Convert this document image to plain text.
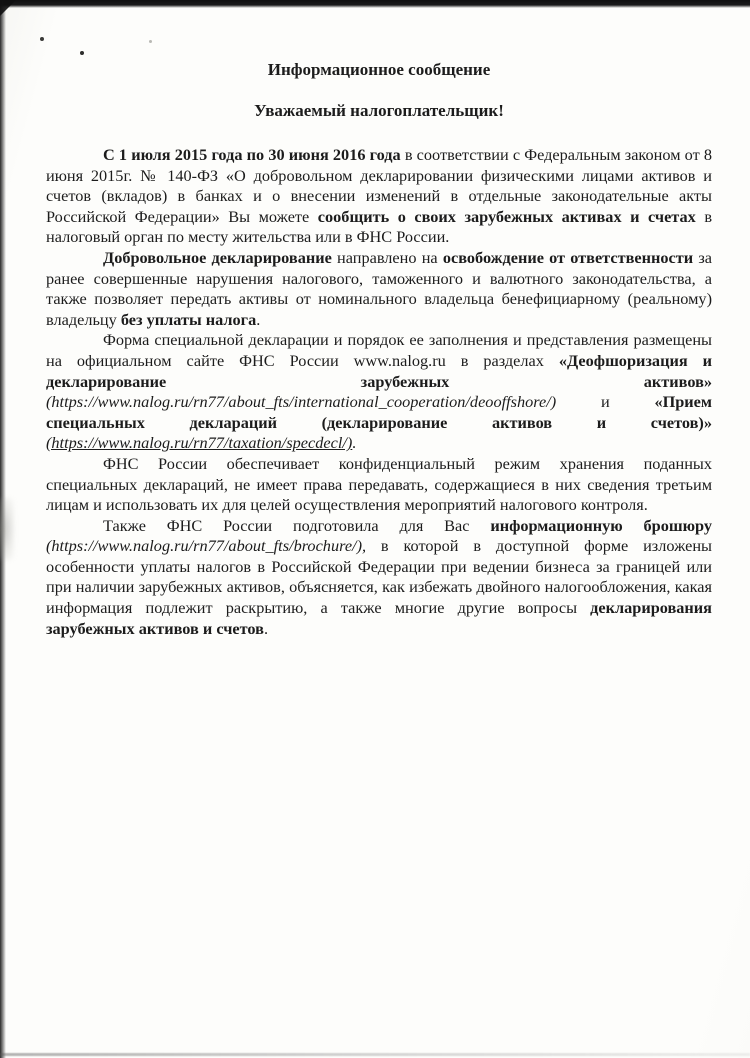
Информационное сообщение
Уважаемый налогоплательщик!

С 1 июля 2015 года по 30 июня 2016 года в соответствии с Федеральным законом от 8 июня 2015г. № 140-ФЗ «О добровольном декларировании физическими лицами активов и счетов (вкладов) в банках и о внесении изменений в отдельные законодательные акты Российской Федерации» Вы можете сообщить о своих зарубежных активах и счетах в налоговый орган по месту жительства или в ФНС России.

Добровольное декларирование направлено на освобождение от ответственности за ранее совершенные нарушения налогового, таможенного и валютного законодательства, а также позволяет передать активы от номинального владельца бенефициарному (реальному) владельцу без уплаты налога.

Форма специальной декларации и порядок ее заполнения и представления размещены на официальном сайте ФНС России www.nalog.ru в разделах «Деофшоризация и декларирование зарубежных активов» (https://www.nalog.ru/rn77/about_fts/international_cooperation/deooffshore/) и «Прием специальных деклараций (декларирование активов и счетов)» (https://www.nalog.ru/rn77/taxation/specdecl/).

ФНС России обеспечивает конфиденциальный режим хранения поданных специальных деклараций, не имеет права передавать, содержащиеся в них сведения третьим лицам и использовать их для целей осуществления мероприятий налогового контроля.

Также ФНС России подготовила для Вас информационную брошюру (https://www.nalog.ru/rn77/about_fts/brochure/), в которой в доступной форме изложены особенности уплаты налогов в Российской Федерации при ведении бизнеса за границей или при наличии зарубежных активов, объясняется, как избежать двойного налогообложения, какая информация подлежит раскрытию, а также многие другие вопросы декларирования зарубежных активов и счетов.
